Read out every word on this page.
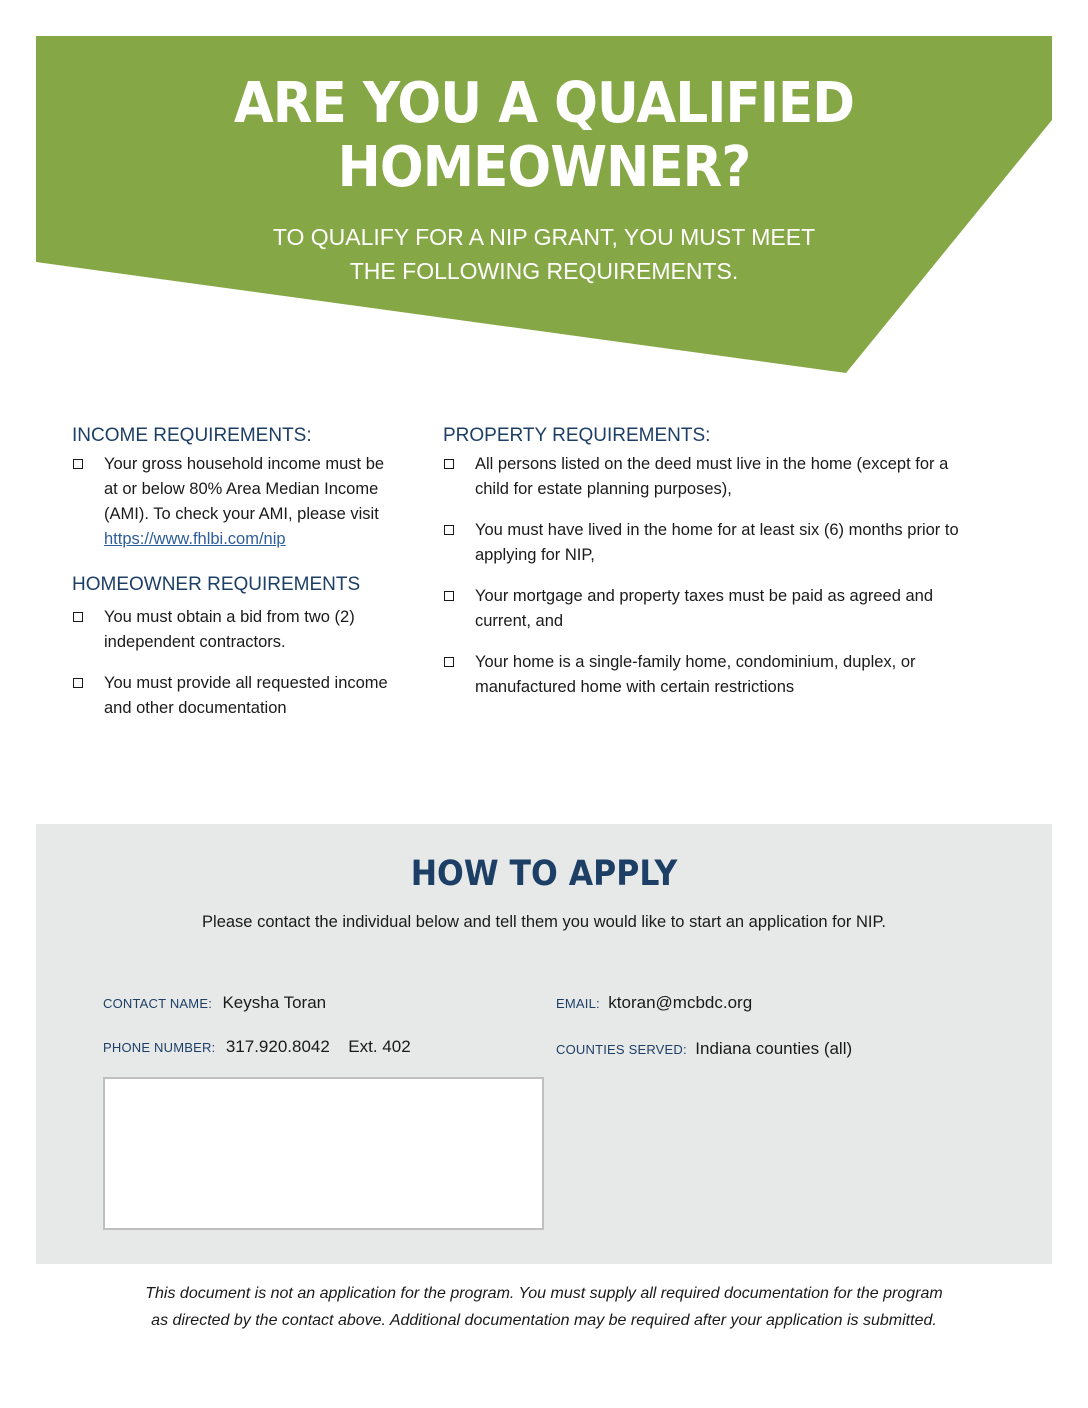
ARE YOU A QUALIFIED
HOMEOWNER?
TO QUALIFY FOR A NIP GRANT, YOU MUST MEET
THE FOLLOWING REQUIREMENTS.
INCOME REQUIREMENTS:
Your gross household income must be at or below 80% Area Median Income (AMI). To check your AMI, please visit https://www.fhlbi.com/nip
HOMEOWNER REQUIREMENTS
You must obtain a bid from two (2) independent contractors.
You must provide all requested income and other documentation
PROPERTY REQUIREMENTS:
All persons listed on the deed must live in the home (except for a child for estate planning purposes),
You must have lived in the home for at least six (6) months prior to applying for NIP,
Your mortgage and property taxes must be paid as agreed and current, and
Your home is a single-family home, condominium, duplex, or manufactured home with certain restrictions
HOW TO APPLY
Please contact the individual below and tell them you would like to start an application for NIP.
CONTACT NAME: Keysha Toran
PHONE NUMBER: 317.920.8042 Ext. 402
EMAIL: ktoran@mcbdc.org
COUNTIES SERVED: Indiana counties (all)
This document is not an application for the program. You must supply all required documentation for the program
as directed by the contact above. Additional documentation may be required after your application is submitted.
